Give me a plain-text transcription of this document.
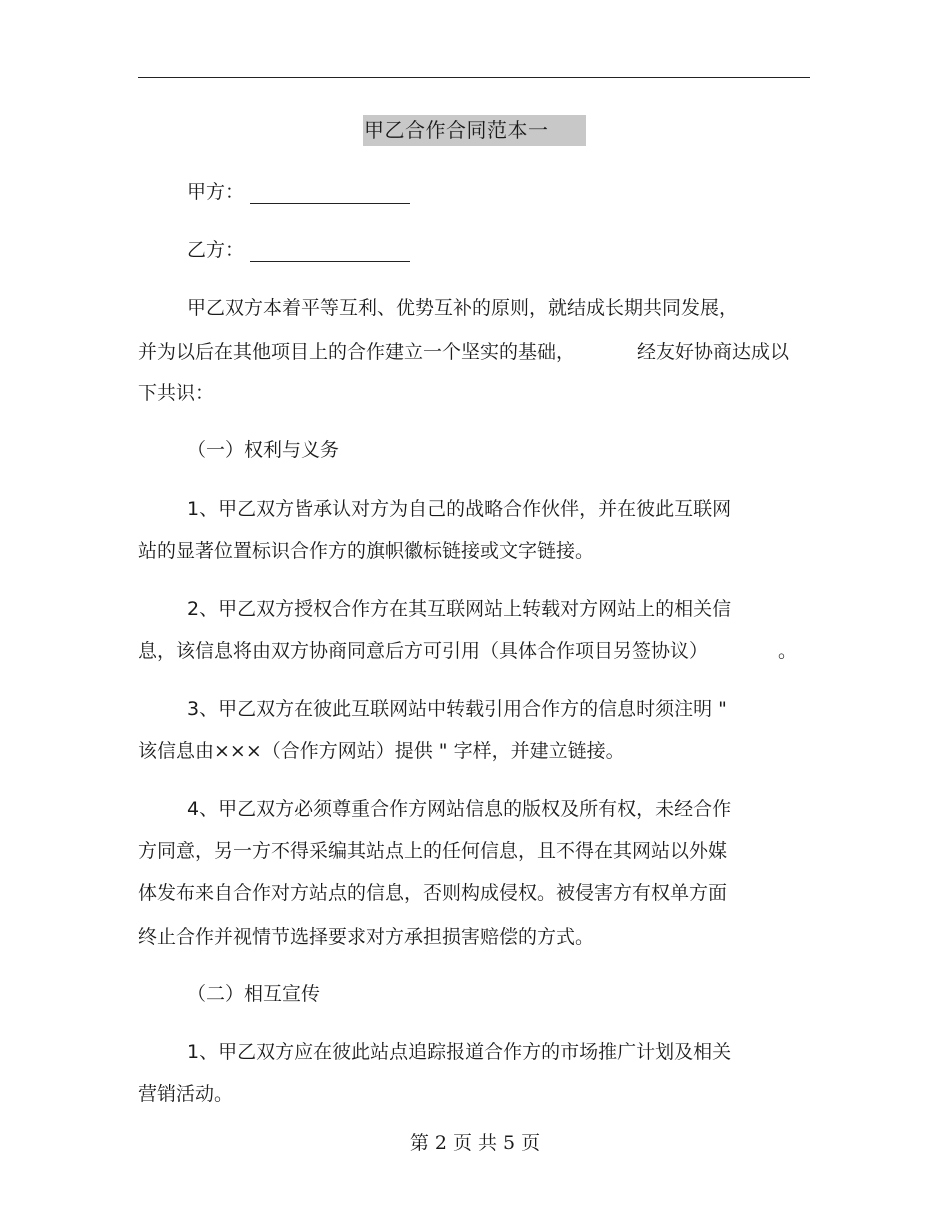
甲乙合作合同范本一
甲方：
乙方：
甲乙双方本着平等互利、优势互补的原则，就结成长期共同发展，
并为以后在其他项目上的合作建立一个坚实的基础，	经友好协商达成以
下共识：
（一）权利与义务
1、甲乙双方皆承认对方为自己的战略合作伙伴，并在彼此互联网
站的显著位置标识合作方的旗帜徽标链接或文字链接。
2、甲乙双方授权合作方在其互联网站上转载对方网站上的相关信
息，该信息将由双方协商同意后方可引用（具体合作项目另签协议）	。
3、甲乙双方在彼此互联网站中转载引用合作方的信息时须注明 "
该信息由×××（合作方网站）提供 " 字样，并建立链接。
4、甲乙双方必须尊重合作方网站信息的版权及所有权，未经合作
方同意，另一方不得采编其站点上的任何信息，且不得在其网站以外媒
体发布来自合作对方站点的信息，否则构成侵权。被侵害方有权单方面
终止合作并视情节选择要求对方承担损害赔偿的方式。
（二）相互宣传
1、甲乙双方应在彼此站点追踪报道合作方的市场推广计划及相关
营销活动。
第 2 页 共 5 页
